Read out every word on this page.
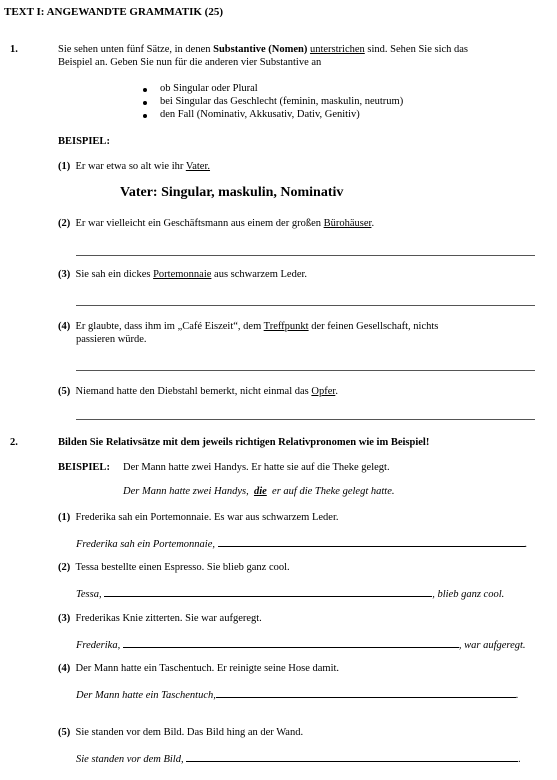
TEXT I: ANGEWANDTE GRAMMATIK (25)
1.	Sie sehen unten fünf Sätze, in denen Substantive (Nomen) unterstrichen sind. Sehen Sie sich das
Beispiel an. Geben Sie nun für die anderen vier Substantive an
ob Singular oder Plural
bei Singular das Geschlecht (feminin, maskulin, neutrum)
den Fall (Nominativ, Akkusativ, Dativ, Genitiv)
BEISPIEL:
(1) Er war etwa so alt wie ihr Vater.
Vater: Singular, maskulin, Nominativ
(2) Er war vielleicht ein Geschäftsmann aus einem der großen Bürohäuser.
(3) Sie sah ein dickes Portemonnaie aus schwarzem Leder.
(4) Er glaubte, dass ihm im „Café Eiszeit“, dem Treffpunkt der feinen Gesellschaft, nichts
passieren würde.
(5) Niemand hatte den Diebstahl bemerkt, nicht einmal das Opfer.
2.	Bilden Sie Relativsätze mit dem jeweils richtigen Relativpronomen wie im Beispiel!
BEISPIEL: Der Mann hatte zwei Handys. Er hatte sie auf die Theke gelegt.
Der Mann hatte zwei Handys, die er auf die Theke gelegt hatte.
(1) Frederika sah ein Portemonnaie. Es war aus schwarzem Leder.
Frederika sah ein Portemonnaie,	.
(2) Tessa bestellte einen Espresso. Sie blieb ganz cool.
Tessa,	, blieb ganz cool.
(3) Frederikas Knie zitterten. Sie war aufgeregt.
Frederika,	, war aufgeregt.
(4) Der Mann hatte ein Taschentuch. Er reinigte seine Hose damit.
Der Mann hatte ein Taschentuch,	.
(5) Sie standen vor dem Bild. Das Bild hing an der Wand.
Sie standen vor dem Bild,	.
